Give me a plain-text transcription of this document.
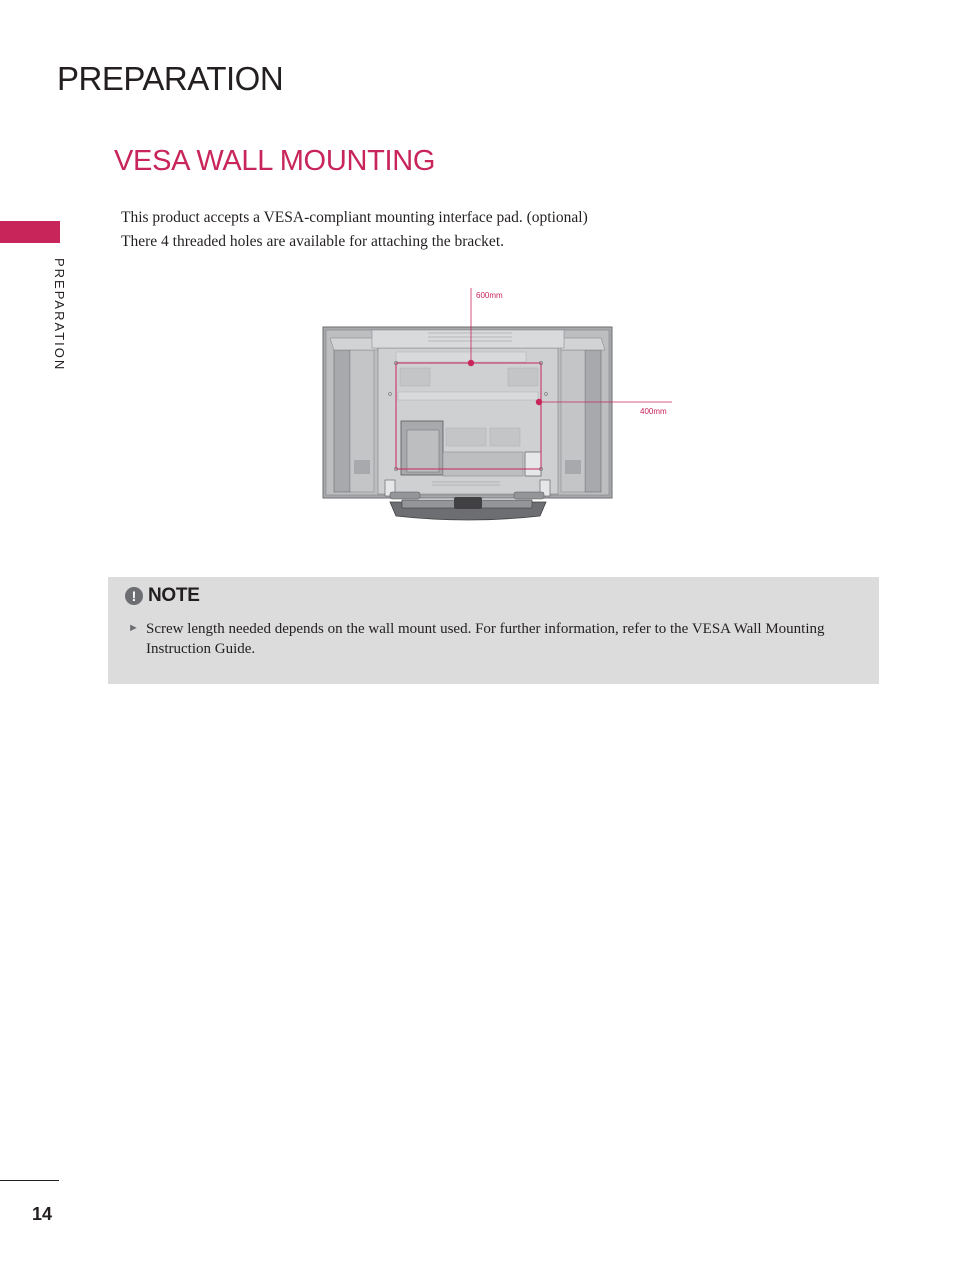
PREPARATION
PREPARATION
VESA WALL MOUNTING

This product accepts a VESA-compliant mounting interface pad. (optional)

There 4 threaded holes are available for attaching the bracket.

600mm
400mm
! NOTE
► Screw length needed depends on the wall mount used. For further information, refer to the VESA Wall Mounting Instruction Guide.
14
